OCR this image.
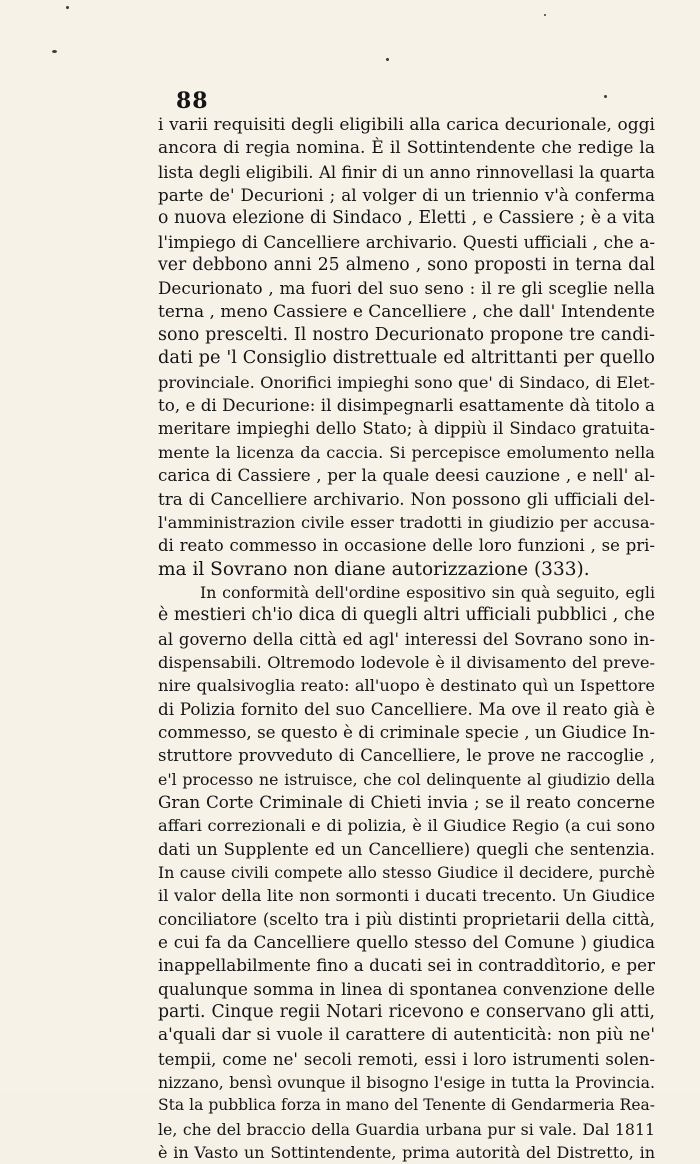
88
i varii requisiti degli eligibili alla carica decurionale, oggi
ancora di regia nomina. È il Sottintendente che redige la
lista degli eligibili. Al finir di un anno rinnovellasi la quarta
parte de' Decurioni ; al volger di un triennio v'à conferma
o nuova elezione di Sindaco , Eletti , e Cassiere ; è a vita
l'impiego di Cancelliere archivario. Questi ufficiali , che a-
ver debbono anni 25 almeno , sono proposti in terna dal
Decurionato , ma fuori del suo seno : il re gli sceglie nella
terna , meno Cassiere e Cancelliere , che dall' Intendente
sono prescelti. Il nostro Decurionato propone tre candi-
dati pe 'l Consiglio distrettuale ed altrittanti per quello
provinciale. Onorifici impieghi sono que' di Sindaco, di Elet-
to, e di Decurione: il disimpegnarli esattamente dà titolo a
meritare impieghi dello Stato; à dippiù il Sindaco gratuita-
mente la licenza da caccia. Si percepisce emolumento nella
carica di Cassiere , per la quale deesi cauzione , e nell' al-
tra di Cancelliere archivario. Non possono gli ufficiali del-
l'amministrazion civile esser tradotti in giudizio per accusa-
di reato commesso in occasione delle loro funzioni , se pri-
ma il Sovrano non diane autorizzazione (333).
In conformità dell'ordine espositivo sin quà seguito, egli
è mestieri ch'io dica di quegli altri ufficiali pubblici , che
al governo della città ed agl' interessi del Sovrano sono in-
dispensabili. Oltremodo lodevole è il divisamento del preve-
nire qualsivoglia reato: all'uopo è destinato quì un Ispettore
di Polizia fornito del suo Cancelliere. Ma ove il reato già è
commesso, se questo è di criminale specie , un Giudice In-
struttore provveduto di Cancelliere, le prove ne raccoglie ,
e'l processo ne istruisce, che col delinquente al giudizio della
Gran Corte Criminale di Chieti invia ; se il reato concerne
affari correzionali e di polizia, è il Giudice Regio (a cui sono
dati un Supplente ed un Cancelliere) quegli che sentenzia.
In cause civili compete allo stesso Giudice il decidere, purchè
il valor della lite non sormonti i ducati trecento. Un Giudice
conciliatore (scelto tra i più distinti proprietarii della città,
e cui fa da Cancelliere quello stesso del Comune ) giudica
inappellabilmente fino a ducati sei in contraddìtorio, e per
qualunque somma in linea di spontanea convenzione delle
parti. Cinque regii Notari ricevono e conservano gli atti,
a'quali dar si vuole il carattere di autenticità: non più ne'
tempii, come ne' secoli remoti, essi i loro istrumenti solen-
nizzano, bensì ovunque il bisogno l'esige in tutta la Provincia.
Sta la pubblica forza in mano del Tenente di Gendarmeria Rea-
le, che del braccio della Guardia urbana pur si vale. Dal 1811
è in Vasto un Sottintendente, prima autorità del Distretto, in
